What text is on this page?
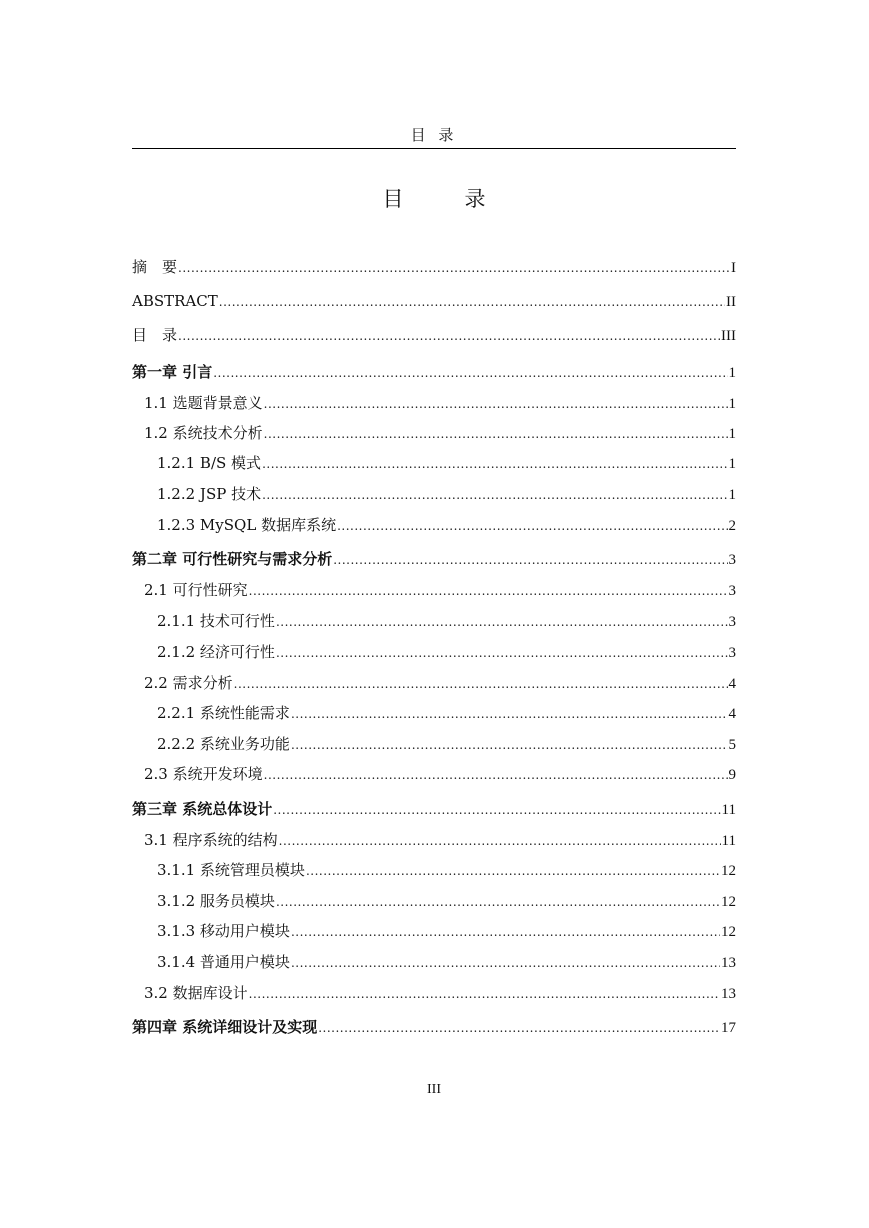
目 录
目　录
摘　要 .....	I
ABSTRACT .....	II
目　录 .....	III
第一章 引言 .....	1
1.1 选题背景意义 .....	1
1.2 系统技术分析 .....	1
1.2.1 B/S 模式 .....	1
1.2.2 JSP 技术 .....	1
1.2.3 MySQL 数据库系统 .....	2
第二章 可行性研究与需求分析 .....	3
2.1 可行性研究 .....	3
2.1.1 技术可行性 .....	3
2.1.2 经济可行性 .....	3
2.2 需求分析 .....	4
2.2.1 系统性能需求 .....	4
2.2.2 系统业务功能 .....	5
2.3 系统开发环境 .....	9
第三章 系统总体设计 .....	11
3.1 程序系统的结构 .....	11
3.1.1 系统管理员模块 .....	12
3.1.2 服务员模块 .....	12
3.1.3 移动用户模块 .....	12
3.1.4 普通用户模块 .....	13
3.2 数据库设计 .....	13
第四章 系统详细设计及实现 .....	17
III
